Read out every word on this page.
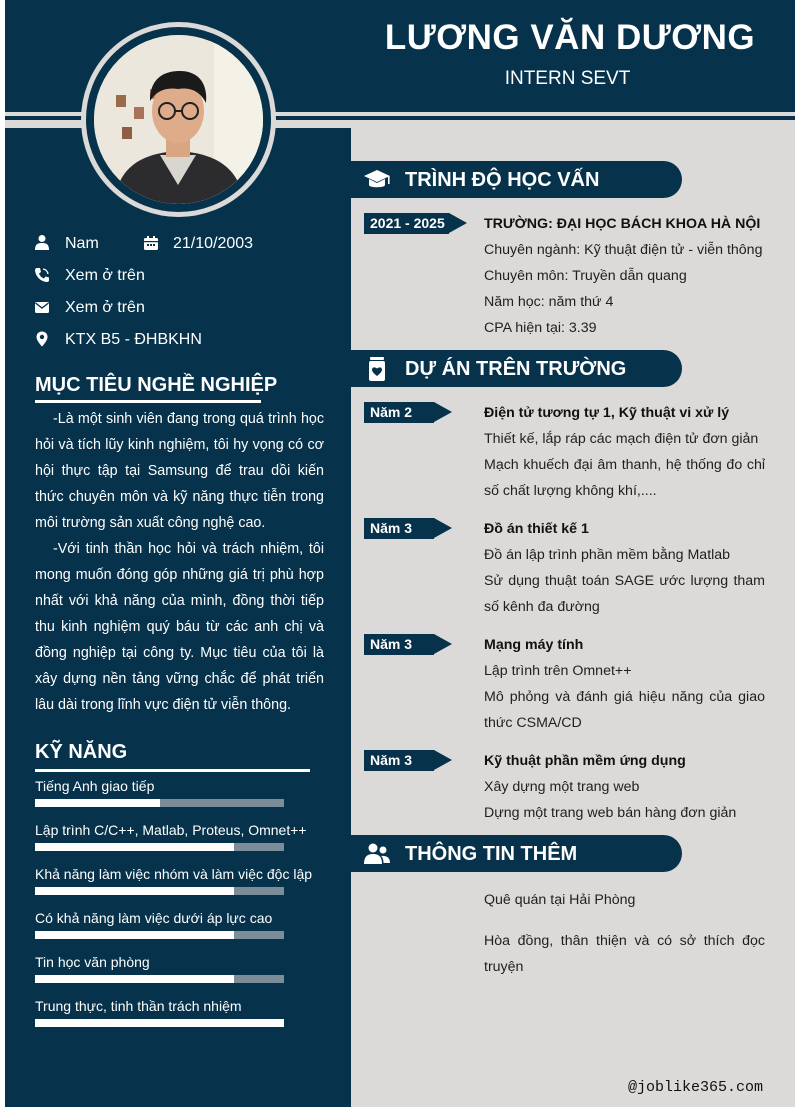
LƯƠNG VĂN DƯƠNG
INTERN SEVT
Nam	21/10/2003
Xem ở trên
Xem ở trên
KTX B5 - ĐHBKHN
MỤC TIÊU NGHỀ NGHIỆP

-Là một sinh viên đang trong quá trình học hỏi và tích lũy kinh nghiệm, tôi hy vọng có cơ hội thực tập tại Samsung để trau dồi kiến thức chuyên môn và kỹ năng thực tiễn trong môi trường sản xuất công nghệ cao.

-Với tinh thần học hỏi và trách nhiệm, tôi mong muốn đóng góp những giá trị phù hợp nhất với khả năng của mình, đồng thời tiếp thu kinh nghiệm quý báu từ các anh chị và đồng nghiệp tại công ty. Mục tiêu của tôi là xây dựng nền tảng vững chắc để phát triển lâu dài trong lĩnh vực điện tử viễn thông.

KỸ NĂNG
Tiếng Anh giao tiếp
Lập trình C/C++, Matlab, Proteus, Omnet++
Khả năng làm việc nhóm và làm việc độc lập
Có khả năng làm việc dưới áp lực cao
Tin học văn phòng
Trung thực, tinh thần trách nhiệm
TRÌNH ĐỘ HỌC VẤN
2021 - 2025	TRƯỜNG: ĐẠI HỌC BÁCH KHOA HÀ NỘI
Chuyên ngành: Kỹ thuật điện tử - viễn thông
Chuyên môn: Truyền dẫn quang
Năm học: năm thứ 4
CPA hiện tại: 3.39
DỰ ÁN TRÊN TRƯỜNG
Năm 2	Điện tử tương tự 1, Kỹ thuật vi xử lý
Thiết kế, lắp ráp các mạch điện tử đơn giản
Mạch khuếch đại âm thanh, hệ thống đo chỉ số chất lượng không khí,....
Năm 3	Đồ án thiết kế 1
Đồ án lập trình phần mềm bằng Matlab
Sử dụng thuật toán SAGE ước lượng tham số kênh đa đường
Năm 3	Mạng máy tính
Lập trình trên Omnet++
Mô phỏng và đánh giá hiệu năng của giao thức CSMA/CD
Năm 3	Kỹ thuật phần mềm ứng dụng
Xây dựng một trang web
Dựng một trang web bán hàng đơn giản
THÔNG TIN THÊM
Quê quán tại Hải Phòng
Hòa đồng, thân thiện và có sở thích đọc truyện
@joblike365.com
